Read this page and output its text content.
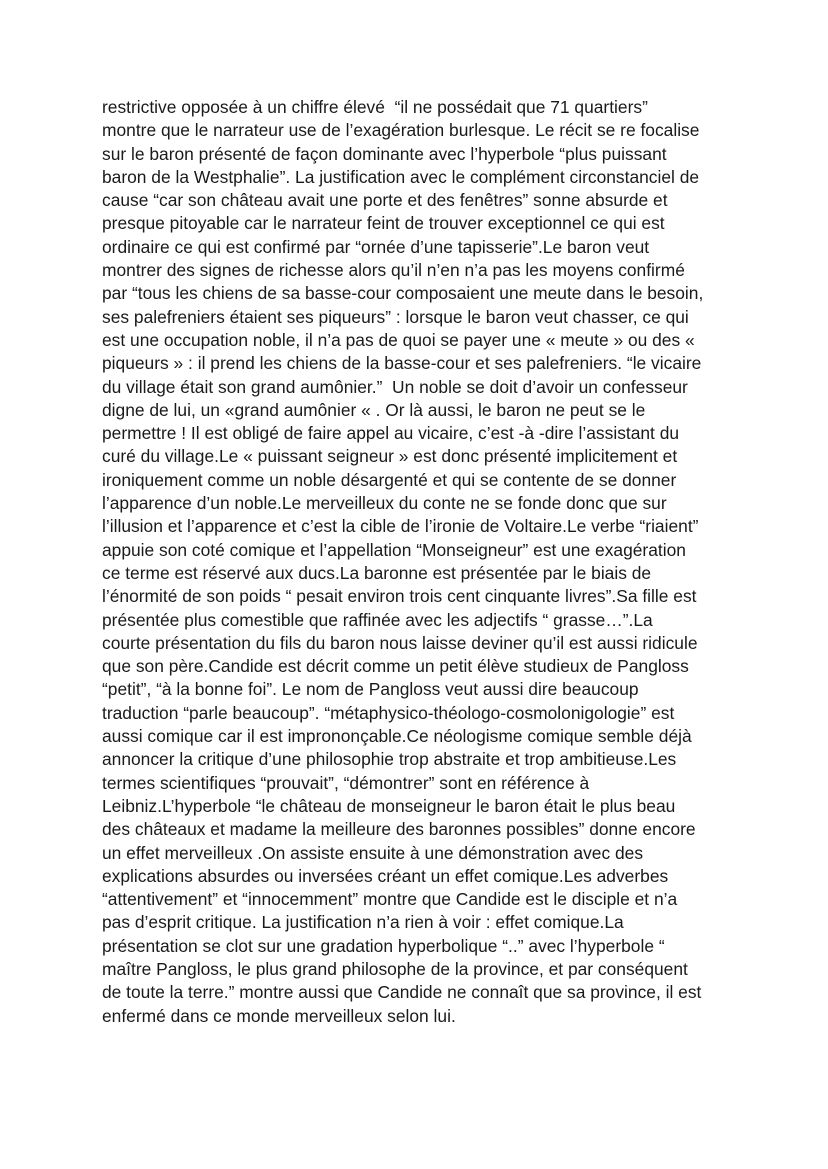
restrictive opposée à un chiffre élevé  “il ne possédait que 71 quartiers”
montre que le narrateur use de l’exagération burlesque. Le récit se re focalise
sur le baron présenté de façon dominante avec l’hyperbole “plus puissant
baron de la Westphalie”. La justification avec le complément circonstanciel de
cause “car son château avait une porte et des fenêtres” sonne absurde et
presque pitoyable car le narrateur feint de trouver exceptionnel ce qui est
ordinaire ce qui est confirmé par “ornée d’une tapisserie”.Le baron veut
montrer des signes de richesse alors qu’il n’en n’a pas les moyens confirmé
par “tous les chiens de sa basse-cour composaient une meute dans le besoin,
ses palefreniers étaient ses piqueurs” : lorsque le baron veut chasser, ce qui
est une occupation noble, il n’a pas de quoi se payer une « meute » ou des «
piqueurs » : il prend les chiens de la basse-cour et ses palefreniers. “le vicaire
du village était son grand aumônier.”  Un noble se doit d’avoir un confesseur
digne de lui, un «grand aumônier « . Or là aussi, le baron ne peut se le
permettre ! Il est obligé de faire appel au vicaire, c’est -à -dire l’assistant du
curé du village.Le « puissant seigneur » est donc présenté implicitement et
ironiquement comme un noble désargenté et qui se contente de se donner
l’apparence d’un noble.Le merveilleux du conte ne se fonde donc que sur
l’illusion et l’apparence et c’est la cible de l’ironie de Voltaire.Le verbe “riaient”
appuie son coté comique et l’appellation “Monseigneur” est une exagération
ce terme est réservé aux ducs.La baronne est présentée par le biais de
l’énormité de son poids “ pesait environ trois cent cinquante livres”.Sa fille est
présentée plus comestible que raffinée avec les adjectifs “ grasse…”.La
courte présentation du fils du baron nous laisse deviner qu’il est aussi ridicule
que son père.Candide est décrit comme un petit élève studieux de Pangloss
“petit”, “à la bonne foi”. Le nom de Pangloss veut aussi dire beaucoup
traduction “parle beaucoup”. “métaphysico-théologo-cosmolonigologie” est
aussi comique car il est imprononçable.Ce néologisme comique semble déjà
annoncer la critique d’une philosophie trop abstraite et trop ambitieuse.Les
termes scientifiques “prouvait”, “démontrer” sont en référence à
Leibniz.L’hyperbole “le château de monseigneur le baron était le plus beau
des châteaux et madame la meilleure des baronnes possibles” donne encore
un effet merveilleux .On assiste ensuite à une démonstration avec des
explications absurdes ou inversées créant un effet comique.Les adverbes
“attentivement” et “innocemment” montre que Candide est le disciple et n’a
pas d’esprit critique. La justification n’a rien à voir : effet comique.La
présentation se clot sur une gradation hyperbolique “..” avec l’hyperbole “
maître Pangloss, le plus grand philosophe de la province, et par conséquent
de toute la terre.” montre aussi que Candide ne connaît que sa province, il est
enfermé dans ce monde merveilleux selon lui.
